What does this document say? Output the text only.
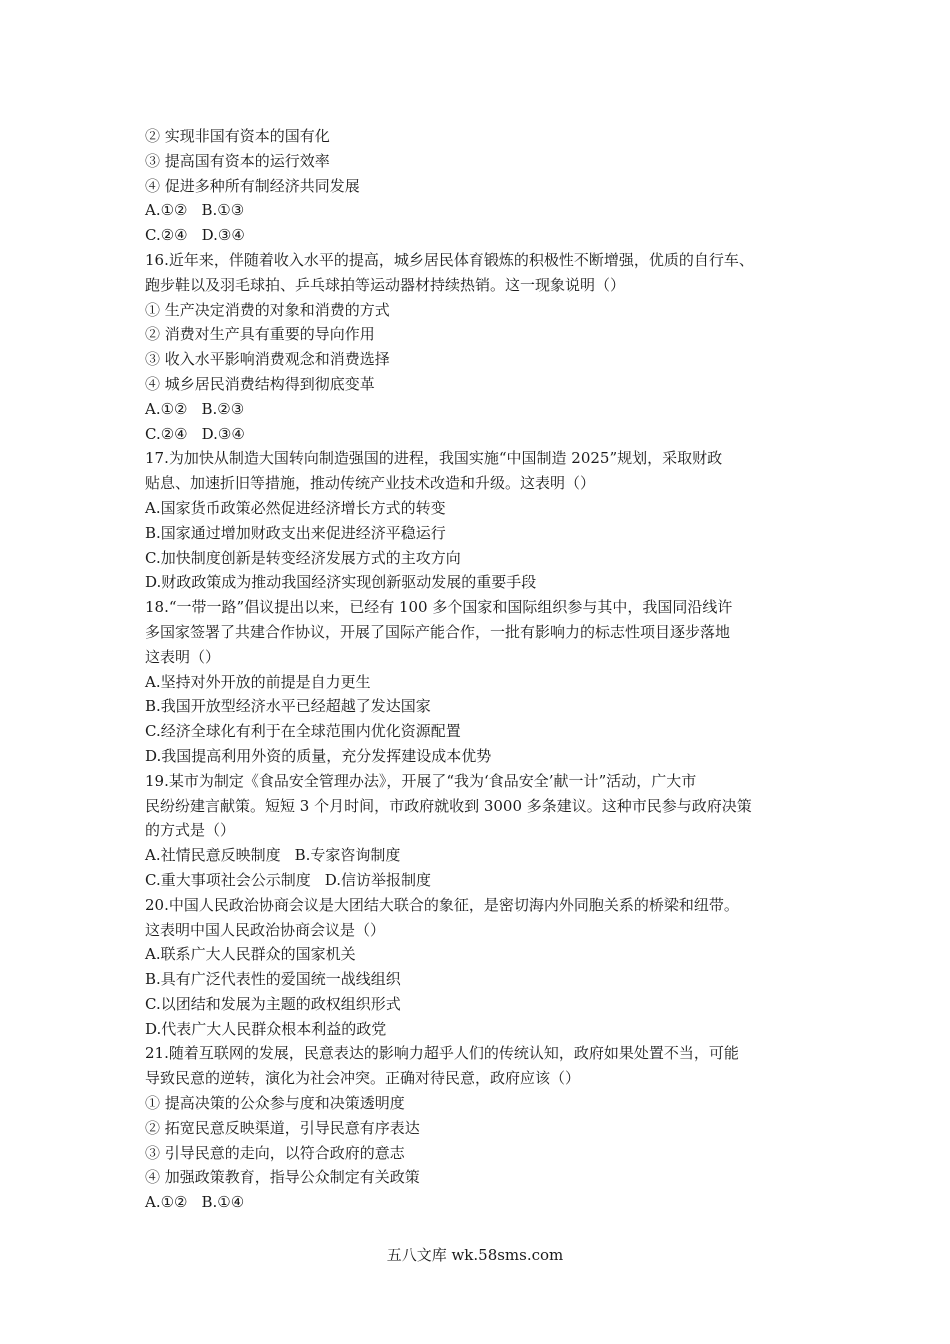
② 实现非国有资本的国有化
③ 提高国有资本的运行效率
④ 促进多种所有制经济共同发展
A.①② B.①③
C.②④ D.③④
16.近年来，伴随着收入水平的提高，城乡居民体育锻炼的积极性不断增强，优质的自行车、
跑步鞋以及羽毛球拍、乒乓球拍等运动器材持续热销。这一现象说明（）
① 生产决定消费的对象和消费的方式
② 消费对生产具有重要的导向作用
③ 收入水平影响消费观念和消费选择
④ 城乡居民消费结构得到彻底变革
A.①② B.②③
C.②④ D.③④
17.为加快从制造大国转向制造强国的进程，我国实施“中国制造 2025”规划，采取财政
贴息、加速折旧等措施，推动传统产业技术改造和升级。这表明（）
A.国家货币政策必然促进经济增长方式的转变
B.国家通过增加财政支出来促进经济平稳运行
C.加快制度创新是转变经济发展方式的主攻方向
D.财政政策成为推动我国经济实现创新驱动发展的重要手段
18.“一带一路”倡议提出以来，已经有 100 多个国家和国际组织参与其中，我国同沿线许
多国家签署了共建合作协议，开展了国际产能合作，一批有影响力的标志性项目逐步落地
这表明（）
A.坚持对外开放的前提是自力更生
B.我国开放型经济水平已经超越了发达国家
C.经济全球化有利于在全球范围内优化资源配置
D.我国提高利用外资的质量，充分发挥建设成本优势
19.某市为制定《食品安全管理办法》，开展了“我为‘食品安全’献一计”活动，广大市
民纷纷建言献策。短短 3 个月时间，市政府就收到 3000 多条建议。这种市民参与政府决策
的方式是（）
A.社情民意反映制度 B.专家咨询制度
C.重大事项社会公示制度 D.信访举报制度
20.中国人民政治协商会议是大团结大联合的象征，是密切海内外同胞关系的桥梁和纽带。
这表明中国人民政治协商会议是（）
A.联系广大人民群众的国家机关
B.具有广泛代表性的爱国统一战线组织
C.以团结和发展为主题的政权组织形式
D.代表广大人民群众根本利益的政党
21.随着互联网的发展，民意表达的影响力超乎人们的传统认知，政府如果处置不当，可能
导致民意的逆转，演化为社会冲突。正确对待民意，政府应该（）
① 提高决策的公众参与度和决策透明度
② 拓宽民意反映渠道，引导民意有序表达
③ 引导民意的走向，以符合政府的意志
④ 加强政策教育，指导公众制定有关政策
A.①② B.①④
五八文库 wk.58sms.com
